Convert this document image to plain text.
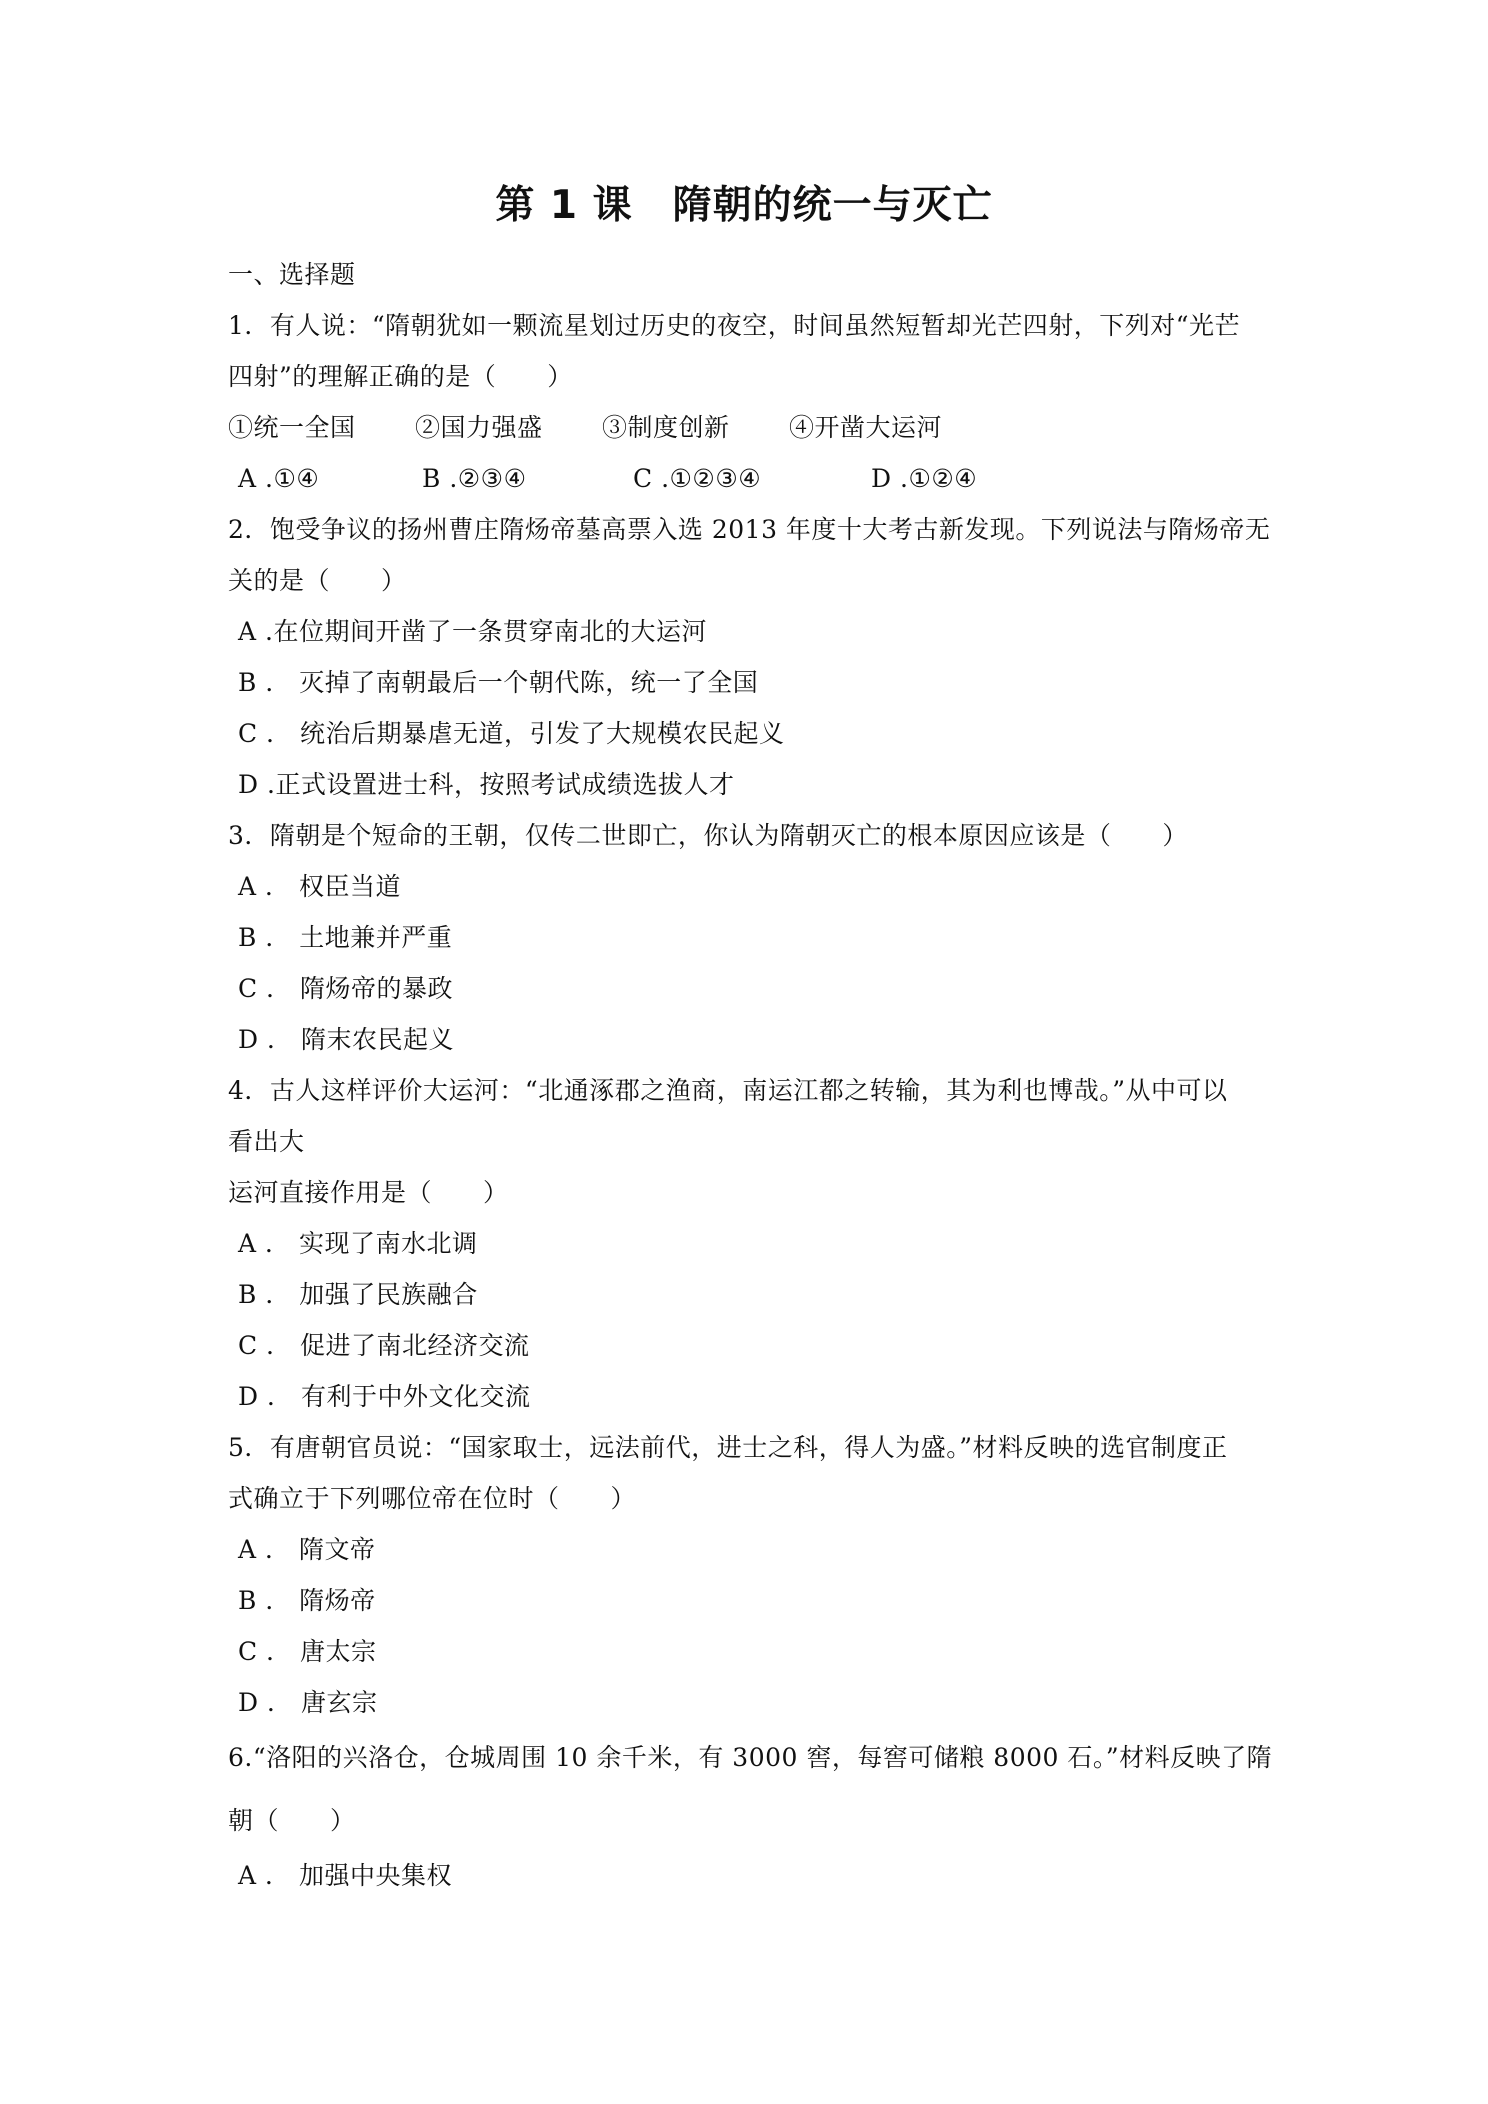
第 1 课　隋朝的统一与灭亡
一、选择题
1．有人说：“隋朝犹如一颗流星划过历史的夜空，时间虽然短暂却光芒四射，下列对“光芒
四射”的理解正确的是（　　）
①统一全国	②国力强盛	③制度创新	④开凿大运河
A .①④	B .②③④	C .①②③④	D .①②④
2．饱受争议的扬州曹庄隋炀帝墓高票入选 2013 年度十大考古新发现。下列说法与隋炀帝无
关的是（　　）
A .在位期间开凿了一条贯穿南北的大运河
B ． 灭掉了南朝最后一个朝代陈，统一了全国
C ． 统治后期暴虐无道，引发了大规模农民起义
D .正式设置进士科，按照考试成绩选拔人才
3．隋朝是个短命的王朝，仅传二世即亡，你认为隋朝灭亡的根本原因应该是（　　）
A ． 权臣当道
B ． 土地兼并严重
C ． 隋炀帝的暴政
D ． 隋末农民起义
4．古人这样评价大运河：“北通涿郡之渔商，南运江都之转输，其为利也博哉。”从中可以
看出大
运河直接作用是（　　）
A ． 实现了南水北调
B ． 加强了民族融合
C ． 促进了南北经济交流
D ． 有利于中外文化交流
5．有唐朝官员说：“国家取士，远法前代，进士之科，得人为盛。”材料反映的选官制度正
式确立于下列哪位帝在位时（　　）
A ． 隋文帝
B ． 隋炀帝
C ． 唐太宗
D ． 唐玄宗
6.“洛阳的兴洛仓，仓城周围 10 余千米，有 3000 窖，每窖可储粮 8000 石。”材料反映了隋
朝（　　）
A ． 加强中央集权
